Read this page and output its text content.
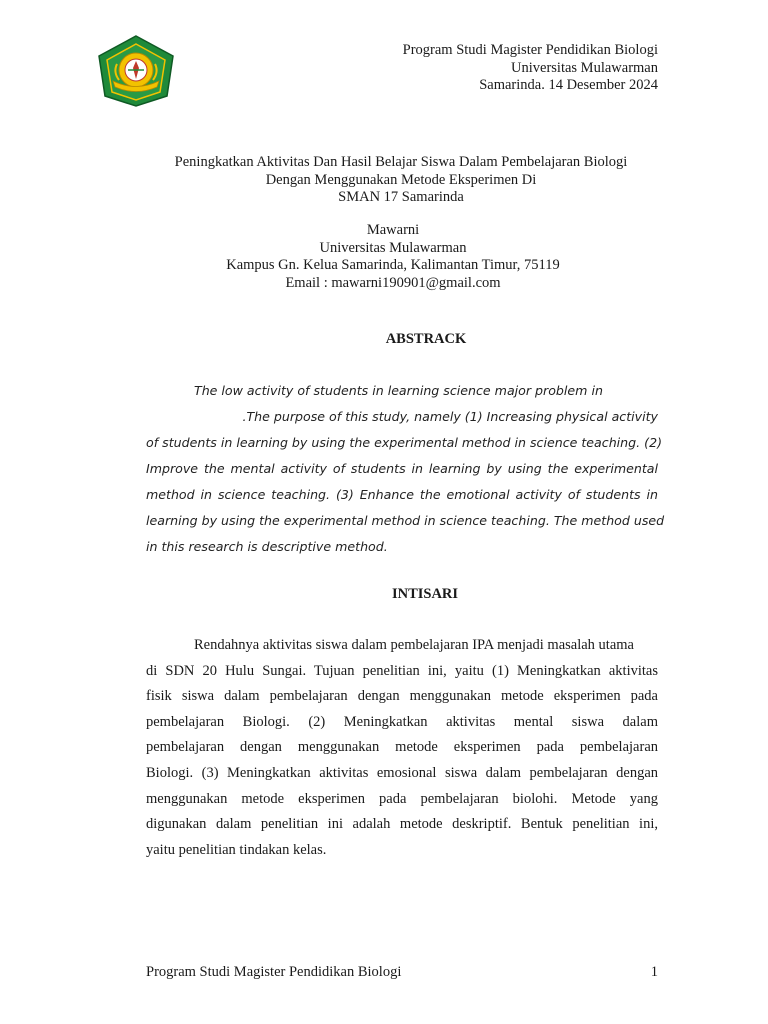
Program Studi Magister Pendidikan Biologi
Universitas Mulawarman
Samarinda. 14 Desember 2024
Peningkatkan Aktivitas Dan Hasil Belajar Siswa Dalam Pembelajaran Biologi
Dengan Menggunakan Metode Eksperimen Di
SMAN 17 Samarinda
Mawarni
Universitas Mulawarman
Kampus Gn. Kelua Samarinda, Kalimantan Timur, 75119
Email : mawarni190901@gmail.com
ABSTRACK
The low activity of students in learning science major problem in
.The purpose of this study, namely (1) Increasing physical activity
of students in learning by using the experimental method in science teaching. (2)
Improve the mental activity of students in learning by using the experimental
method in science teaching. (3) Enhance the emotional activity of students in
learning by using the experimental method in science teaching. The method used
in this research is descriptive method.
INTISARI
Rendahnya aktivitas siswa dalam pembelajaran IPA menjadi masalah utama
di SDN 20 Hulu Sungai. Tujuan penelitian ini, yaitu (1) Meningkatkan aktivitas
fisik siswa dalam pembelajaran dengan menggunakan metode eksperimen pada
pembelajaran Biologi. (2) Meningkatkan aktivitas mental siswa dalam
pembelajaran dengan menggunakan metode eksperimen pada pembelajaran
Biologi. (3) Meningkatkan aktivitas emosional siswa dalam pembelajaran dengan
menggunakan metode eksperimen pada pembelajaran biolohi. Metode yang
digunakan dalam penelitian ini adalah metode deskriptif. Bentuk penelitian ini,
yaitu penelitian tindakan kelas.
Program Studi Magister Pendidikan Biologi	1
